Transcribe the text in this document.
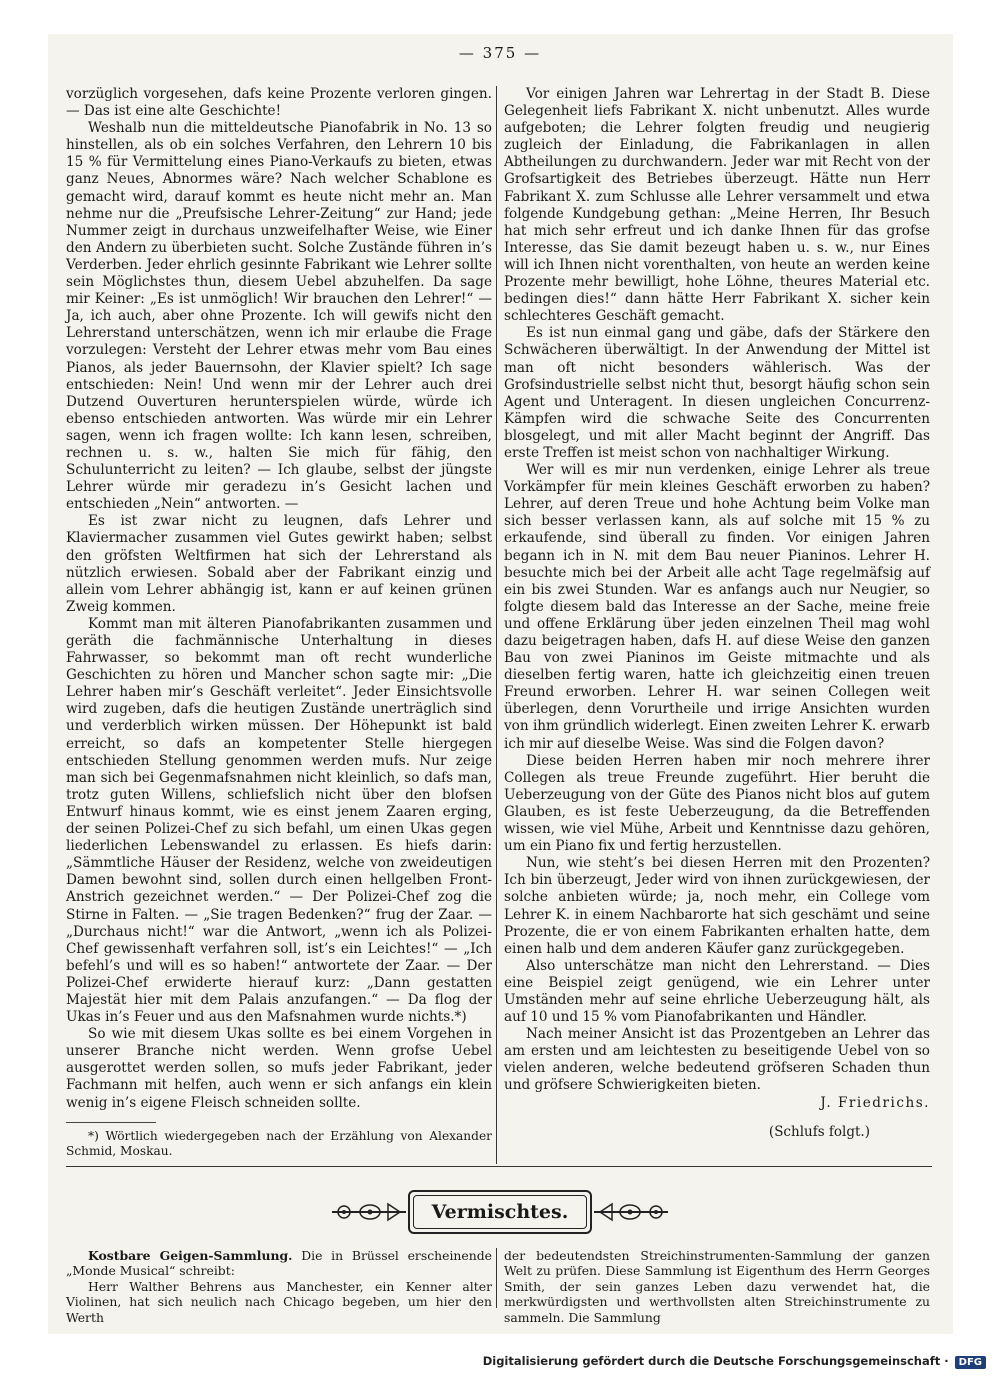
— 375 —

vorzüglich vorgesehen, dafs keine Prozente verloren gingen. — Das ist eine alte Geschichte!

Weshalb nun die mitteldeutsche Pianofabrik in No. 13 so hinstellen, als ob ein solches Verfahren, den Lehrern 10 bis 15 % für Vermittelung eines Piano-Verkaufs zu bieten, etwas ganz Neues, Abnormes wäre? Nach welcher Schablone es gemacht wird, darauf kommt es heute nicht mehr an. Man nehme nur die „Preufsische Lehrer-Zeitung“ zur Hand; jede Nummer zeigt in durchaus unzweifelhafter Weise, wie Einer den Andern zu überbieten sucht. Solche Zustände führen in’s Verderben. Jeder ehrlich gesinnte Fabrikant wie Lehrer sollte sein Möglichstes thun, diesem Uebel abzuhelfen. Da sage mir Keiner: „Es ist unmöglich! Wir brauchen den Lehrer!“ — Ja, ich auch, aber ohne Prozente. Ich will gewifs nicht den Lehrerstand unterschätzen, wenn ich mir erlaube die Frage vorzulegen: Versteht der Lehrer etwas mehr vom Bau eines Pianos, als jeder Bauernsohn, der Klavier spielt? Ich sage entschieden: Nein! Und wenn mir der Lehrer auch drei Dutzend Ouverturen herunterspielen würde, würde ich ebenso entschieden antworten. Was würde mir ein Lehrer sagen, wenn ich fragen wollte: Ich kann lesen, schreiben, rechnen u. s. w., halten Sie mich für fähig, den Schulunterricht zu leiten? — Ich glaube, selbst der jüngste Lehrer würde mir geradezu in’s Gesicht lachen und entschieden „Nein“ antworten. —

Es ist zwar nicht zu leugnen, dafs Lehrer und Klaviermacher zusammen viel Gutes gewirkt haben; selbst den gröfsten Weltfirmen hat sich der Lehrerstand als nützlich erwiesen. Sobald aber der Fabrikant einzig und allein vom Lehrer abhängig ist, kann er auf keinen grünen Zweig kommen.

Kommt man mit älteren Pianofabrikanten zusammen und geräth die fachmännische Unterhaltung in dieses Fahrwasser, so bekommt man oft recht wunderliche Geschichten zu hören und Mancher schon sagte mir: „Die Lehrer haben mir’s Geschäft verleitet“. Jeder Einsichtsvolle wird zugeben, dafs die heutigen Zustände unerträglich sind und verderblich wirken müssen. Der Höhepunkt ist bald erreicht, so dafs an kompetenter Stelle hiergegen entschieden Stellung genommen werden mufs. Nur zeige man sich bei Gegenmafsnahmen nicht kleinlich, so dafs man, trotz guten Willens, schliefslich nicht über den blofsen Entwurf hinaus kommt, wie es einst jenem Zaaren erging, der seinen Polizei-Chef zu sich befahl, um einen Ukas gegen liederlichen Lebenswandel zu erlassen. Es hiefs darin: „Sämmtliche Häuser der Residenz, welche von zweideutigen Damen bewohnt sind, sollen durch einen hellgelben Front-Anstrich gezeichnet werden.“ — Der Polizei-Chef zog die Stirne in Falten. — „Sie tragen Bedenken?“ frug der Zaar. — „Durchaus nicht!“ war die Antwort, „wenn ich als Polizei-Chef gewissenhaft verfahren soll, ist’s ein Leichtes!“ — „Ich befehl’s und will es so haben!“ antwortete der Zaar. — Der Polizei-Chef erwiderte hierauf kurz: „Dann gestatten Majestät hier mit dem Palais anzufangen.“ — Da flog der Ukas in’s Feuer und aus den Mafsnahmen wurde nichts.*)

So wie mit diesem Ukas sollte es bei einem Vorgehen in unserer Branche nicht werden. Wenn grofse Uebel ausgerottet werden sollen, so mufs jeder Fabrikant, jeder Fachmann mit helfen, auch wenn er sich anfangs ein klein wenig in’s eigene Fleisch schneiden sollte.

*) Wörtlich wiedergegeben nach der Erzählung von Alexander Schmid, Moskau.

Vor einigen Jahren war Lehrertag in der Stadt B. Diese Gelegenheit liefs Fabrikant X. nicht unbenutzt. Alles wurde aufgeboten; die Lehrer folgten freudig und neugierig zugleich der Einladung, die Fabrikanlagen in allen Abtheilungen zu durchwandern. Jeder war mit Recht von der Grofsartigkeit des Betriebes überzeugt. Hätte nun Herr Fabrikant X. zum Schlusse alle Lehrer versammelt und etwa folgende Kundgebung gethan: „Meine Herren, Ihr Besuch hat mich sehr erfreut und ich danke Ihnen für das grofse Interesse, das Sie damit bezeugt haben u. s. w., nur Eines will ich Ihnen nicht vorenthalten, von heute an werden keine Prozente mehr bewilligt, hohe Löhne, theures Material etc. bedingen dies!“ dann hätte Herr Fabrikant X. sicher kein schlechteres Geschäft gemacht.

Es ist nun einmal gang und gäbe, dafs der Stärkere den Schwächeren überwältigt. In der Anwendung der Mittel ist man oft nicht besonders wählerisch. Was der Grofsindustrielle selbst nicht thut, besorgt häufig schon sein Agent und Unteragent. In diesen ungleichen Concurrenz-Kämpfen wird die schwache Seite des Concurrenten blosgelegt, und mit aller Macht beginnt der Angriff. Das erste Treffen ist meist schon von nachhaltiger Wirkung.

Wer will es mir nun verdenken, einige Lehrer als treue Vorkämpfer für mein kleines Geschäft erworben zu haben? Lehrer, auf deren Treue und hohe Achtung beim Volke man sich besser verlassen kann, als auf solche mit 15 % zu erkaufende, sind überall zu finden. Vor einigen Jahren begann ich in N. mit dem Bau neuer Pianinos. Lehrer H. besuchte mich bei der Arbeit alle acht Tage regelmäfsig auf ein bis zwei Stunden. War es anfangs auch nur Neugier, so folgte diesem bald das Interesse an der Sache, meine freie und offene Erklärung über jeden einzelnen Theil mag wohl dazu beigetragen haben, dafs H. auf diese Weise den ganzen Bau von zwei Pianinos im Geiste mitmachte und als dieselben fertig waren, hatte ich gleichzeitig einen treuen Freund erworben. Lehrer H. war seinen Collegen weit überlegen, denn Vorurtheile und irrige Ansichten wurden von ihm gründlich widerlegt. Einen zweiten Lehrer K. erwarb ich mir auf dieselbe Weise. Was sind die Folgen davon?

Diese beiden Herren haben mir noch mehrere ihrer Collegen als treue Freunde zugeführt. Hier beruht die Ueberzeugung von der Güte des Pianos nicht blos auf gutem Glauben, es ist feste Ueberzeugung, da die Betreffenden wissen, wie viel Mühe, Arbeit und Kenntnisse dazu gehören, um ein Piano fix und fertig herzustellen.

Nun, wie steht’s bei diesen Herren mit den Prozenten? Ich bin überzeugt, Jeder wird von ihnen zurückgewiesen, der solche anbieten würde; ja, noch mehr, ein College vom Lehrer K. in einem Nachbarorte hat sich geschämt und seine Prozente, die er von einem Fabrikanten erhalten hatte, dem einen halb und dem anderen Käufer ganz zurückgegeben.

Also unterschätze man nicht den Lehrerstand. — Dies eine Beispiel zeigt genügend, wie ein Lehrer unter Umständen mehr auf seine ehrliche Ueberzeugung hält, als auf 10 und 15 % vom Pianofabrikanten und Händler.

Nach meiner Ansicht ist das Prozentgeben an Lehrer das am ersten und am leichtesten zu beseitigende Uebel von so vielen anderen, welche bedeutend gröfseren Schaden thun und gröfsere Schwierigkeiten bieten.

J. Friedrichs.
(Schlufs folgt.)
Vermischtes.

Kostbare Geigen-Sammlung. Die in Brüssel erscheinende „Monde Musical“ schreibt:

Herr Walther Behrens aus Manchester, ein Kenner alter Violinen, hat sich neulich nach Chicago begeben, um hier den Werth

der bedeutendsten Streichinstrumenten-Sammlung der ganzen Welt zu prüfen. Diese Sammlung ist Eigenthum des Herrn Georges Smith, der sein ganzes Leben dazu verwendet hat, die merkwürdigsten und werthvollsten alten Streichinstrumente zu sammeln. Die Sammlung

Digitalisierung gefördert durch die Deutsche Forschungsgemeinschaft · DFG
